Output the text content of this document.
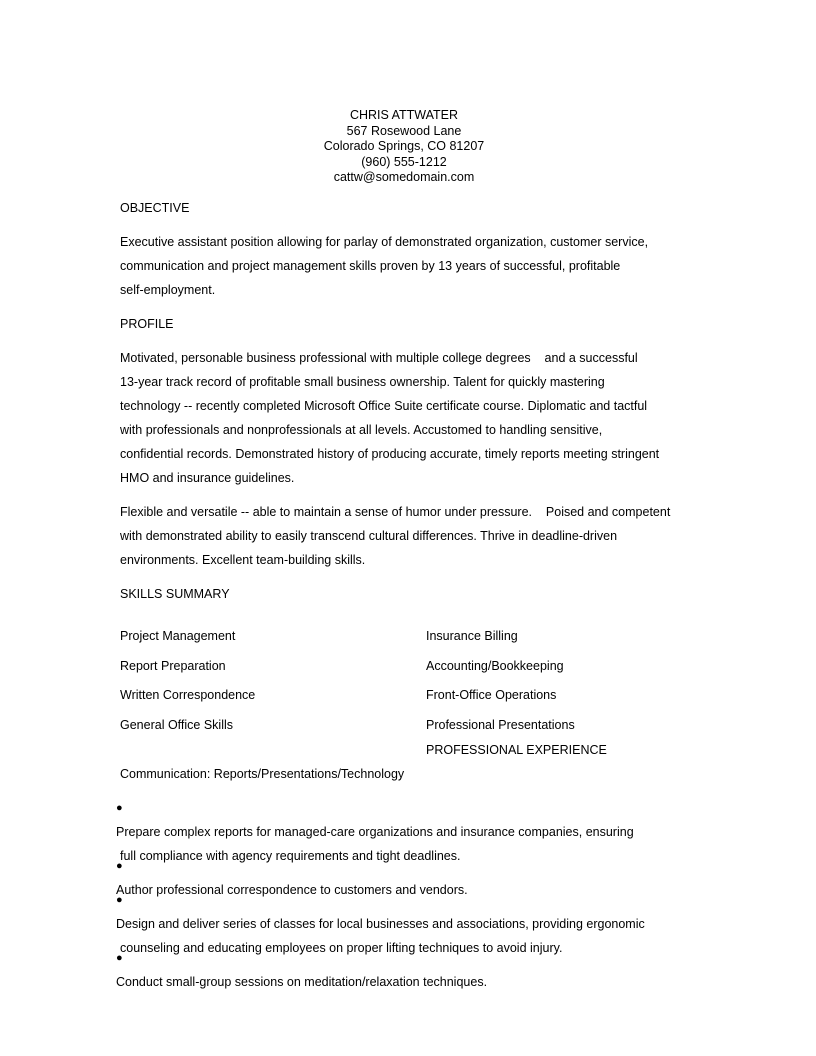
CHRIS ATTWATER
567 Rosewood Lane
Colorado Springs, CO 81207
(960) 555-1212
cattw@somedomain.com
OBJECTIVE
Executive assistant position allowing for parlay of demonstrated organization, customer service,
communication and project management skills proven by 13 years of successful, profitable
self-employment.
PROFILE
Motivated, personable business professional with multiple college degrees    and a successful
13-year track record of profitable small business ownership. Talent for quickly mastering
technology -- recently completed Microsoft Office Suite certificate course. Diplomatic and tactful
with professionals and nonprofessionals at all levels. Accustomed to handling sensitive,
confidential records. Demonstrated history of producing accurate, timely reports meeting stringent
HMO and insurance guidelines.
Flexible and versatile -- able to maintain a sense of humor under pressure.    Poised and competent
with demonstrated ability to easily transcend cultural differences. Thrive in deadline-driven
environments. Excellent team-building skills.
SKILLS SUMMARY
Project Management	Insurance Billing
Report Preparation	Accounting/Bookkeeping
Written Correspondence	Front-Office Operations
General Office Skills	Professional Presentations
PROFESSIONAL EXPERIENCE
Communication: Reports/Presentations/Technology
●
Prepare complex reports for managed-care organizations and insurance companies, ensuring
full compliance with agency requirements and tight deadlines.
●
Author professional correspondence to customers and vendors.
●
Design and deliver series of classes for local businesses and associations, providing ergonomic
counseling and educating employees on proper lifting techniques to avoid injury.
●
Conduct small-group sessions on meditation/relaxation techniques.
